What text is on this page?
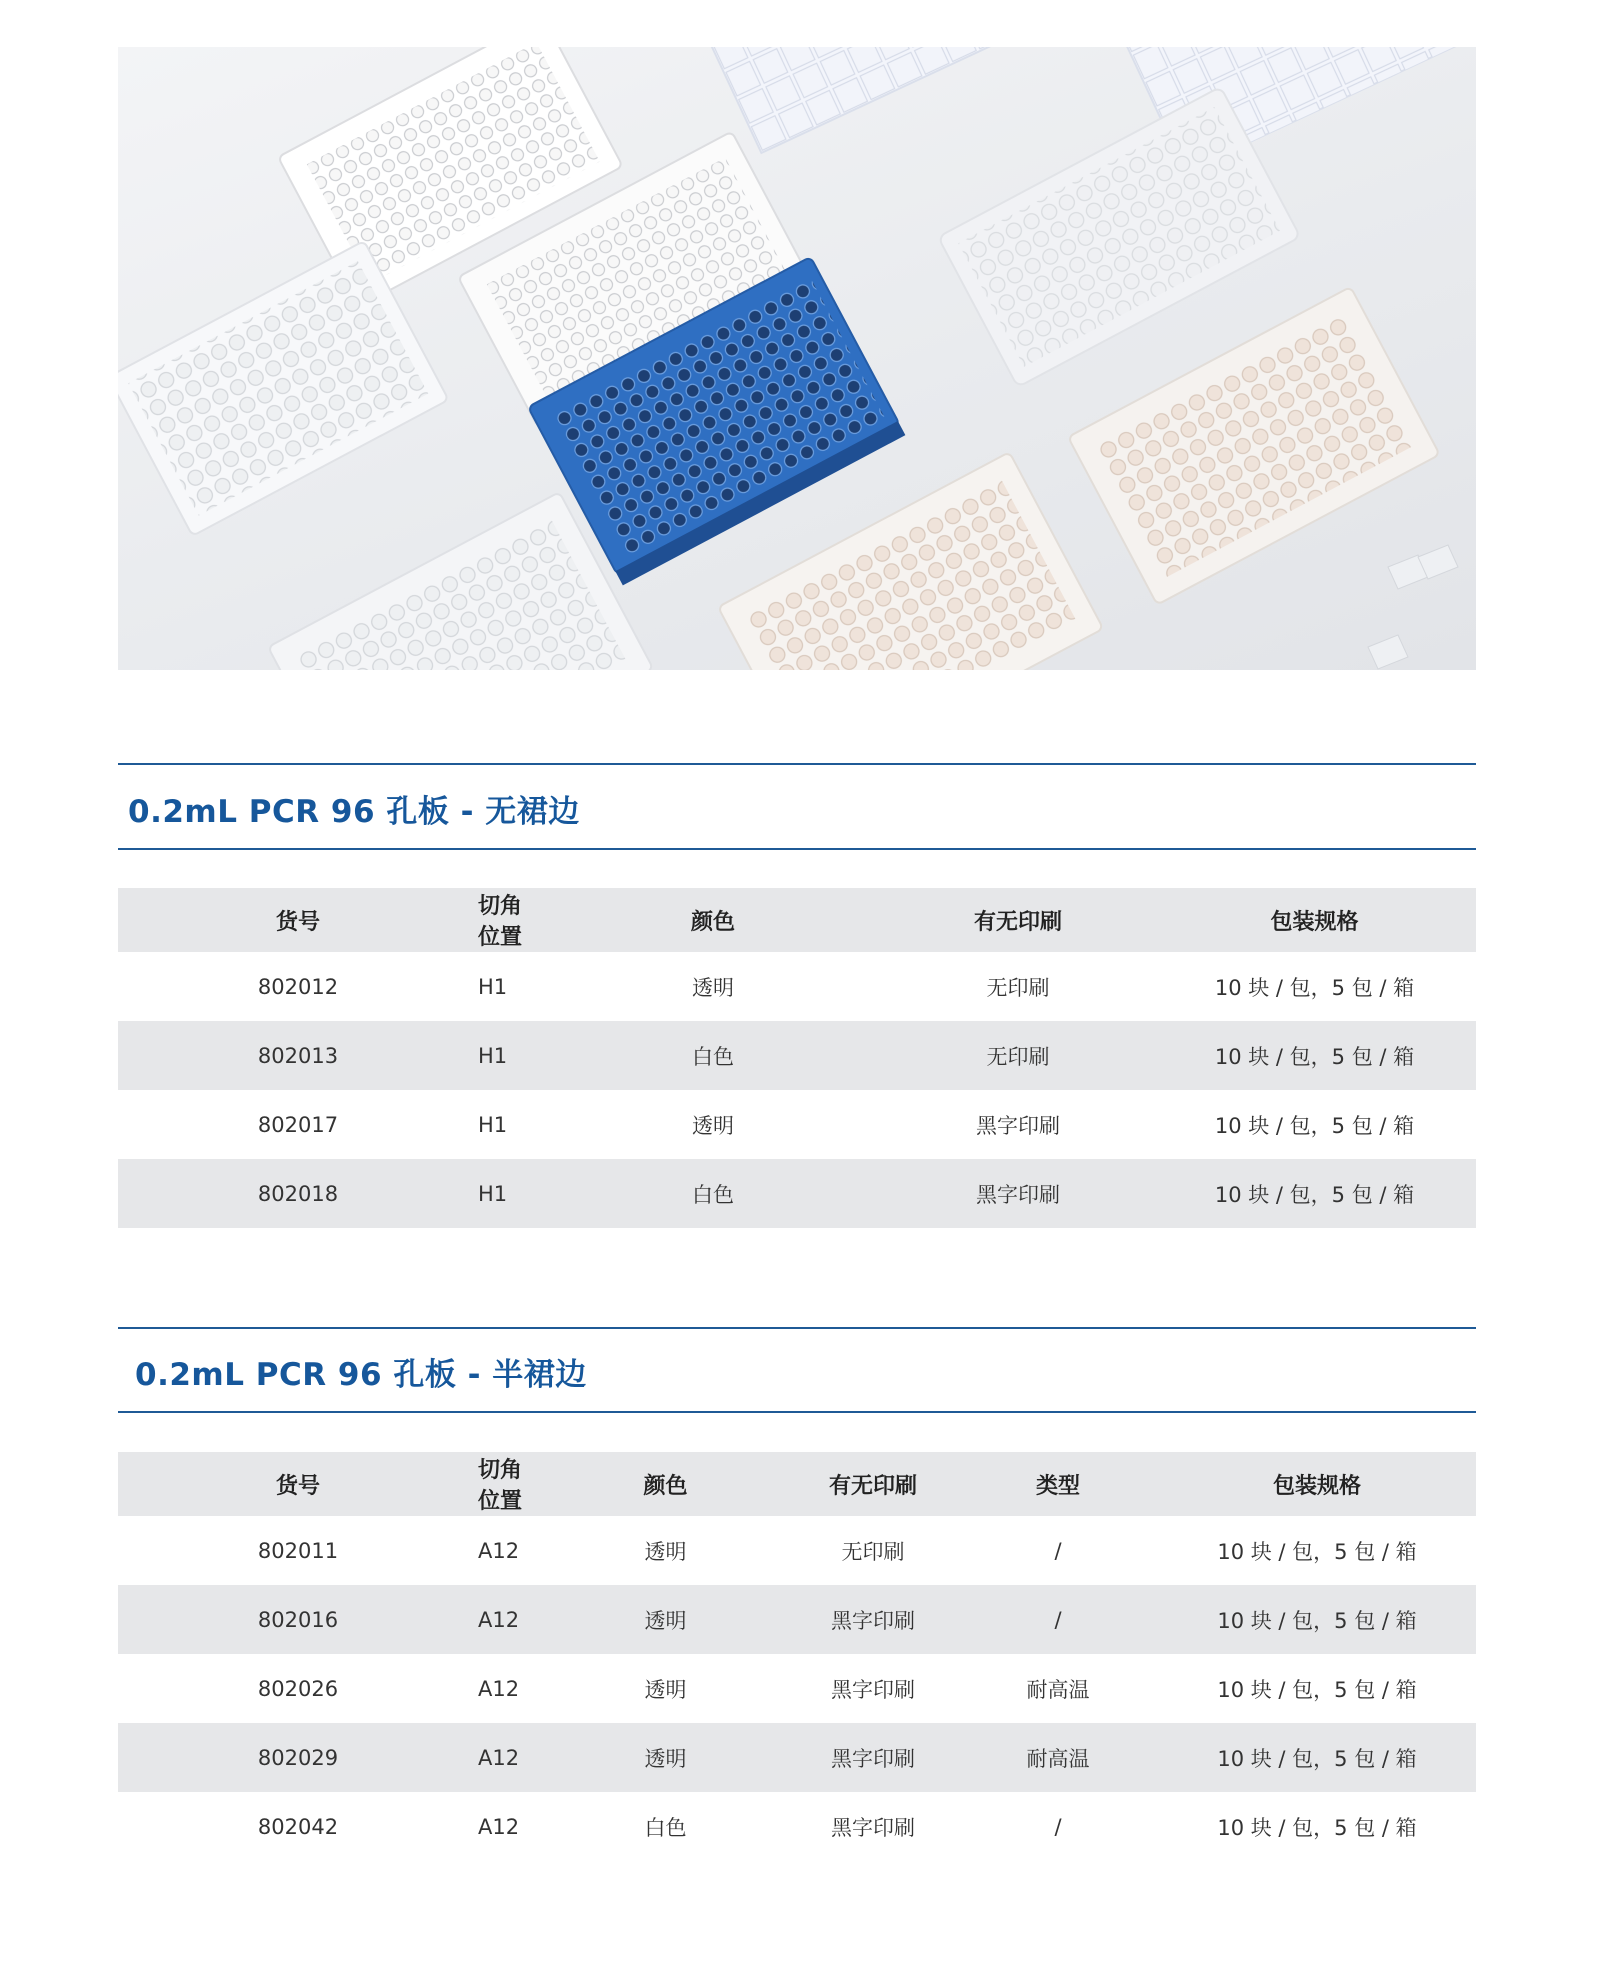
0.2mL PCR 96 孔板 - 无裙边
货号	切角位置	颜色	有无印刷	包装规格
802012	H1	透明	无印刷	10 块 / 包，5 包 / 箱
802013	H1	白色	无印刷	10 块 / 包，5 包 / 箱
802017	H1	透明	黑字印刷	10 块 / 包，5 包 / 箱
802018	H1	白色	黑字印刷	10 块 / 包，5 包 / 箱
0.2mL PCR 96 孔板 - 半裙边
货号	切角位置	颜色	有无印刷	类型	包装规格
802011	A12	透明	无印刷	/	10 块 / 包，5 包 / 箱
802016	A12	透明	黑字印刷	/	10 块 / 包，5 包 / 箱
802026	A12	透明	黑字印刷	耐高温	10 块 / 包，5 包 / 箱
802029	A12	透明	黑字印刷	耐高温	10 块 / 包，5 包 / 箱
802042	A12	白色	黑字印刷	/	10 块 / 包，5 包 / 箱
